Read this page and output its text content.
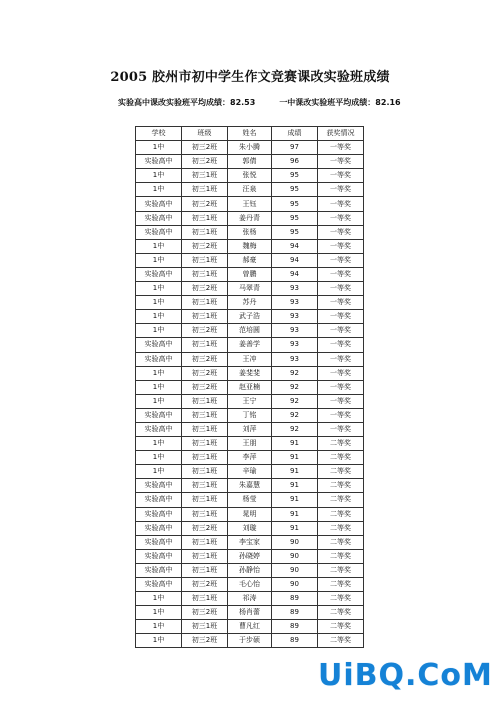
2005 胶州市初中学生作文竞赛课改实验班成绩
实验高中课改实验班平均成绩：82.53	一中课改实验班平均成绩：82.16
学校	班级	姓名	成绩	获奖情况
1中	初三2班	朱小腾	97	一等奖
实验高中	初三2班	郭倩	96	一等奖
1中	初三1班	张悦	95	一等奖
1中	初三1班	汪泉	95	一等奖
实验高中	初三2班	王钰	95	一等奖
实验高中	初三1班	姜丹青	95	一等奖
实验高中	初三1班	张杨	95	一等奖
1中	初三2班	魏梅	94	一等奖
1中	初三1班	郝豪	94	一等奖
实验高中	初三1班	曾鹏	94	一等奖
1中	初三2班	马翠青	93	一等奖
1中	初三1班	苏丹	93	一等奖
1中	初三1班	武子浩	93	一等奖
1中	初三2班	范培圆	93	一等奖
实验高中	初三1班	姜善学	93	一等奖
实验高中	初三2班	王冲	93	一等奖
1中	初三2班	姜斐斐	92	一等奖
1中	初三2班	赵亚楠	92	一等奖
1中	初三1班	王宁	92	一等奖
实验高中	初三1班	丁铭	92	一等奖
实验高中	初三1班	刘萍	92	一等奖
1中	初三1班	王朋	91	二等奖
1中	初三1班	李萍	91	二等奖
1中	初三1班	辛瑜	91	二等奖
实验高中	初三1班	朱嘉慧	91	二等奖
实验高中	初三1班	杨莹	91	二等奖
实验高中	初三1班	晁明	91	二等奖
实验高中	初三2班	刘璇	91	二等奖
实验高中	初三1班	李宝家	90	二等奖
实验高中	初三1班	孙晓婷	90	二等奖
实验高中	初三1班	孙静怡	90	二等奖
实验高中	初三2班	毛心怡	90	二等奖
1中	初三1班	祁涛	89	二等奖
1中	初三2班	杨肖蕾	89	二等奖
1中	初三1班	曹凡红	89	二等奖
1中	初三2班	于步硕	89	二等奖
UiBQ.CoM
